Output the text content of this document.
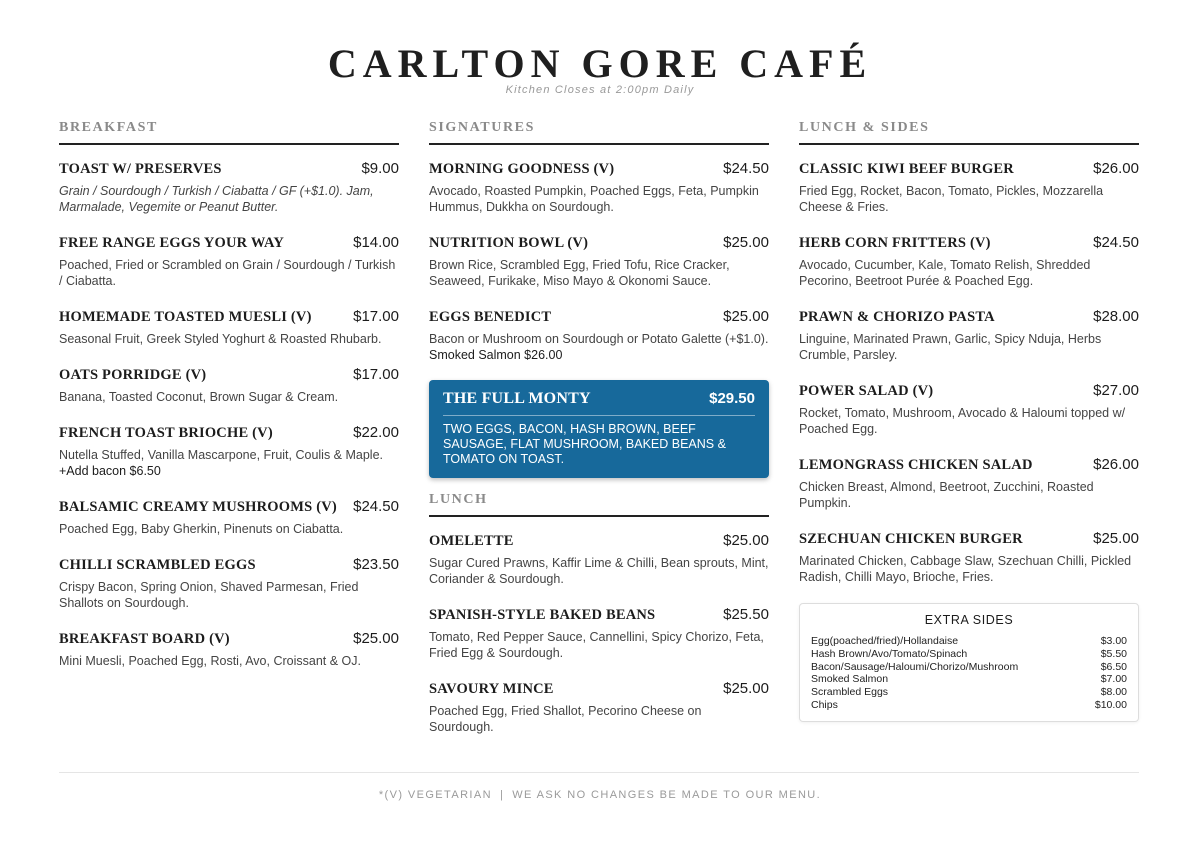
CARLTON GORE CAFÉ
Kitchen Closes at 2:00pm Daily
BREAKFAST
TOAST W/ PRESERVES	$9.00
Grain / Sourdough / Turkish / Ciabatta / GF (+$1.0). Jam, Marmalade, Vegemite or Peanut Butter.
FREE RANGE EGGS YOUR WAY	$14.00
Poached, Fried or Scrambled on Grain / Sourdough / Turkish / Ciabatta.
HOMEMADE TOASTED MUESLI (V)	$17.00
Seasonal Fruit, Greek Styled Yoghurt & Roasted Rhubarb.
OATS PORRIDGE (V)	$17.00
Banana, Toasted Coconut, Brown Sugar & Cream.
FRENCH TOAST BRIOCHE (V)	$22.00
Nutella Stuffed, Vanilla Mascarpone, Fruit, Coulis & Maple.
+Add bacon $6.50
BALSAMIC CREAMY MUSHROOMS (V) $24.50
Poached Egg, Baby Gherkin, Pinenuts on Ciabatta.
CHILLI SCRAMBLED EGGS	$23.50
Crispy Bacon, Spring Onion, Shaved Parmesan, Fried Shallots on Sourdough.
BREAKFAST BOARD (V)	$25.00
Mini Muesli, Poached Egg, Rosti, Avo, Croissant & OJ.
SIGNATURES
MORNING GOODNESS (V)	$24.50
Avocado, Roasted Pumpkin, Poached Eggs, Feta, Pumpkin Hummus, Dukkha on Sourdough.
NUTRITION BOWL (V)	$25.00
Brown Rice, Scrambled Egg, Fried Tofu, Rice Cracker, Seaweed, Furikake, Miso Mayo & Okonomi Sauce.
EGGS BENEDICT	$25.00
Bacon or Mushroom on Sourdough or Potato Galette (+$1.0). Smoked Salmon $26.00
THE FULL MONTY	$29.50
TWO EGGS, BACON, HASH BROWN, BEEF SAUSAGE, FLAT MUSHROOM, BAKED BEANS & TOMATO ON TOAST.
LUNCH
OMELETTE	$25.00
Sugar Cured Prawns, Kaffir Lime & Chilli, Bean sprouts, Mint, Coriander & Sourdough.
SPANISH-STYLE BAKED BEANS	$25.50
Tomato, Red Pepper Sauce, Cannellini, Spicy Chorizo, Feta, Fried Egg & Sourdough.
SAVOURY MINCE	$25.00
Poached Egg, Fried Shallot, Pecorino Cheese on Sourdough.
LUNCH & SIDES
CLASSIC KIWI BEEF BURGER	$26.00
Fried Egg, Rocket, Bacon, Tomato, Pickles, Mozzarella Cheese & Fries.
HERB CORN FRITTERS (V)	$24.50
Avocado, Cucumber, Kale, Tomato Relish, Shredded Pecorino, Beetroot Purée & Poached Egg.
PRAWN & CHORIZO PASTA	$28.00
Linguine, Marinated Prawn, Garlic, Spicy Nduja, Herbs Crumble, Parsley.
POWER SALAD (V)	$27.00
Rocket, Tomato, Mushroom, Avocado & Haloumi topped w/ Poached Egg.
LEMONGRASS CHICKEN SALAD	$26.00
Chicken Breast, Almond, Beetroot, Zucchini, Roasted Pumpkin.
SZECHUAN CHICKEN BURGER	$25.00
Marinated Chicken, Cabbage Slaw, Szechuan Chilli, Pickled Radish, Chilli Mayo, Brioche, Fries.
EXTRA SIDES
Egg(poached/fried)/Hollandaise	$3.00
Hash Brown/Avo/Tomato/Spinach	$5.50
Bacon/Sausage/Haloumi/Chorizo/Mushroom	$6.50
Smoked Salmon	$7.00
Scrambled Eggs	$8.00
Chips	$10.00
*(V) VEGETARIAN | WE ASK NO CHANGES BE MADE TO OUR MENU.
